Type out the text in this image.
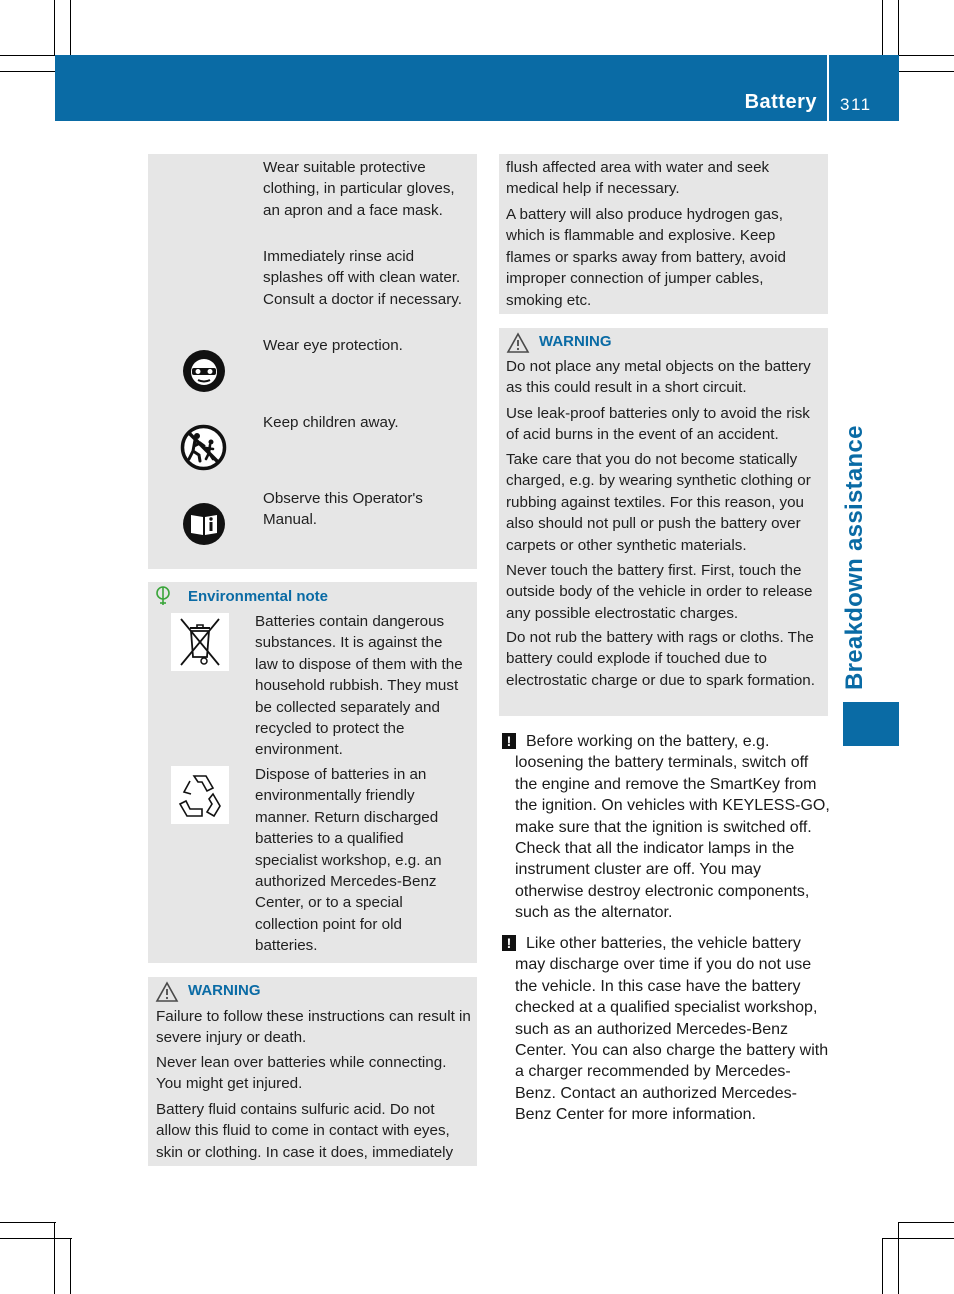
Battery 311
Breakdown assistance
Wear suitable protective clothing, in particular gloves, an apron and a face mask.
Immediately rinse acid splashes off with clean water. Consult a doctor if necessary.
Wear eye protection.
Keep children away.
Observe this Operator's Manual.
Environmental note
Batteries contain dangerous substances. It is against the law to dispose of them with the household rubbish. They must be collected separately and recycled to protect the environment.
Dispose of batteries in an environmentally friendly manner. Return discharged batteries to a qualified specialist workshop, e.g. an authorized Mercedes-Benz Center, or to a special collection point for old batteries.
WARNING
Failure to follow these instructions can result in severe injury or death.
Never lean over batteries while connecting. You might get injured.
Battery fluid contains sulfuric acid. Do not allow this fluid to come in contact with eyes, skin or clothing. In case it does, immediately
flush affected area with water and seek medical help if necessary.
A battery will also produce hydrogen gas, which is flammable and explosive. Keep flames or sparks away from battery, avoid improper connection of jumper cables, smoking etc.
WARNING
Do not place any metal objects on the battery as this could result in a short circuit.
Use leak-proof batteries only to avoid the risk of acid burns in the event of an accident.
Take care that you do not become statically charged, e.g. by wearing synthetic clothing or rubbing against textiles. For this reason, you also should not pull or push the battery over carpets or other synthetic materials.
Never touch the battery first. First, touch the outside body of the vehicle in order to release any possible electrostatic charges.
Do not rub the battery with rags or cloths. The battery could explode if touched due to electrostatic charge or due to spark formation.
! Before working on the battery, e.g. loosening the battery terminals, switch off the engine and remove the SmartKey from the ignition. On vehicles with KEYLESS-GO, make sure that the ignition is switched off. Check that all the indicator lamps in the instrument cluster are off. You may otherwise destroy electronic components, such as the alternator.
! Like other batteries, the vehicle battery may discharge over time if you do not use the vehicle. In this case have the battery checked at a qualified specialist workshop, such as an authorized Mercedes-Benz Center. You can also charge the battery with a charger recommended by Mercedes-Benz. Contact an authorized Mercedes-Benz Center for more information.
